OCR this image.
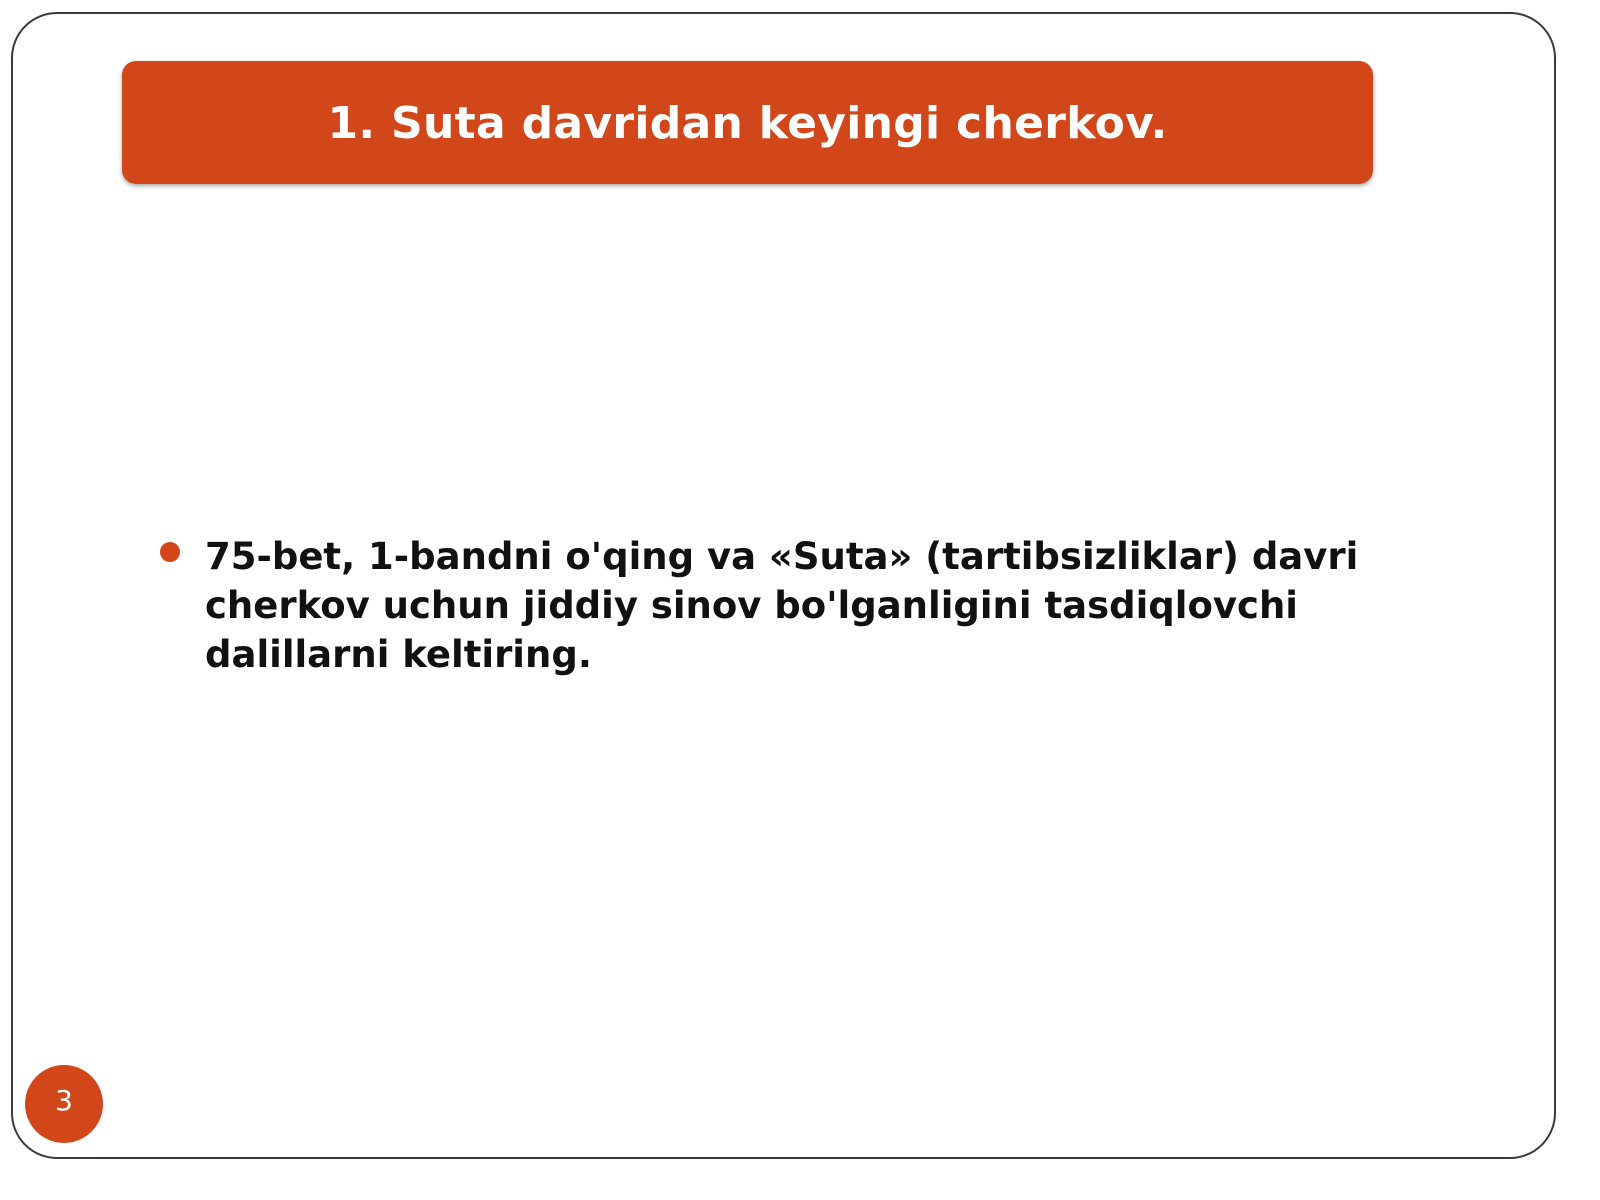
1. Suta davridan keyingi cherkov.
75-bet, 1-bandni o'qing va «Suta» (tartibsizliklar) davri cherkov uchun jiddiy sinov bo'lganligini tasdiqlovchi dalillarni keltiring.
3
